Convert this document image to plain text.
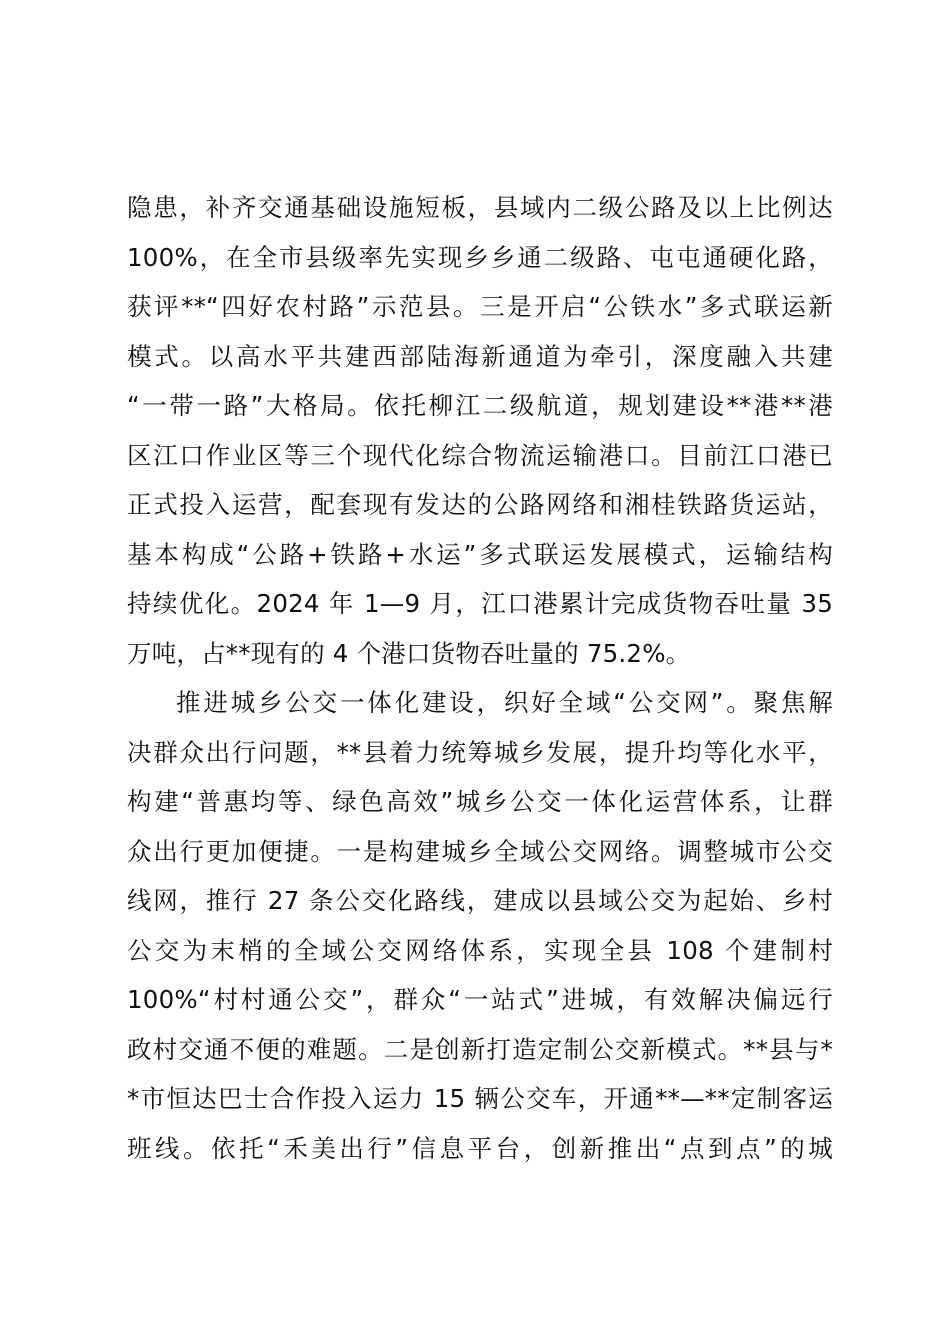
隐患，补齐交通基础设施短板，县域内二级公路及以上比例达
100%，在全市县级率先实现乡乡通二级路、屯屯通硬化路，
获评**“四好农村路”示范县。三是开启“公铁水”多式联运新
模式。以高水平共建西部陆海新通道为牵引，深度融入共建
“一带一路”大格局。依托柳江二级航道，规划建设**港**港
区江口作业区等三个现代化综合物流运输港口。目前江口港已
正式投入运营，配套现有发达的公路网络和湘桂铁路货运站，
基本构成“公路+铁路+水运”多式联运发展模式，运输结构
持续优化。2024 年 1—9 月，江口港累计完成货物吞吐量 35
万吨，占**现有的 4 个港口货物吞吐量的 75.2%。
推进城乡公交一体化建设，织好全域“公交网”。聚焦解
决群众出行问题，**县着力统筹城乡发展，提升均等化水平，
构建“普惠均等、绿色高效”城乡公交一体化运营体系，让群
众出行更加便捷。一是构建城乡全域公交网络。调整城市公交
线网，推行 27 条公交化路线，建成以县域公交为起始、乡村
公交为末梢的全域公交网络体系，实现全县 108 个建制村
100%“村村通公交”，群众“一站式”进城，有效解决偏远行
政村交通不便的难题。二是创新打造定制公交新模式。**县与*
*市恒达巴士合作投入运力 15 辆公交车，开通**—**定制客运
班线。依托“禾美出行”信息平台，创新推出“点到点”的城
